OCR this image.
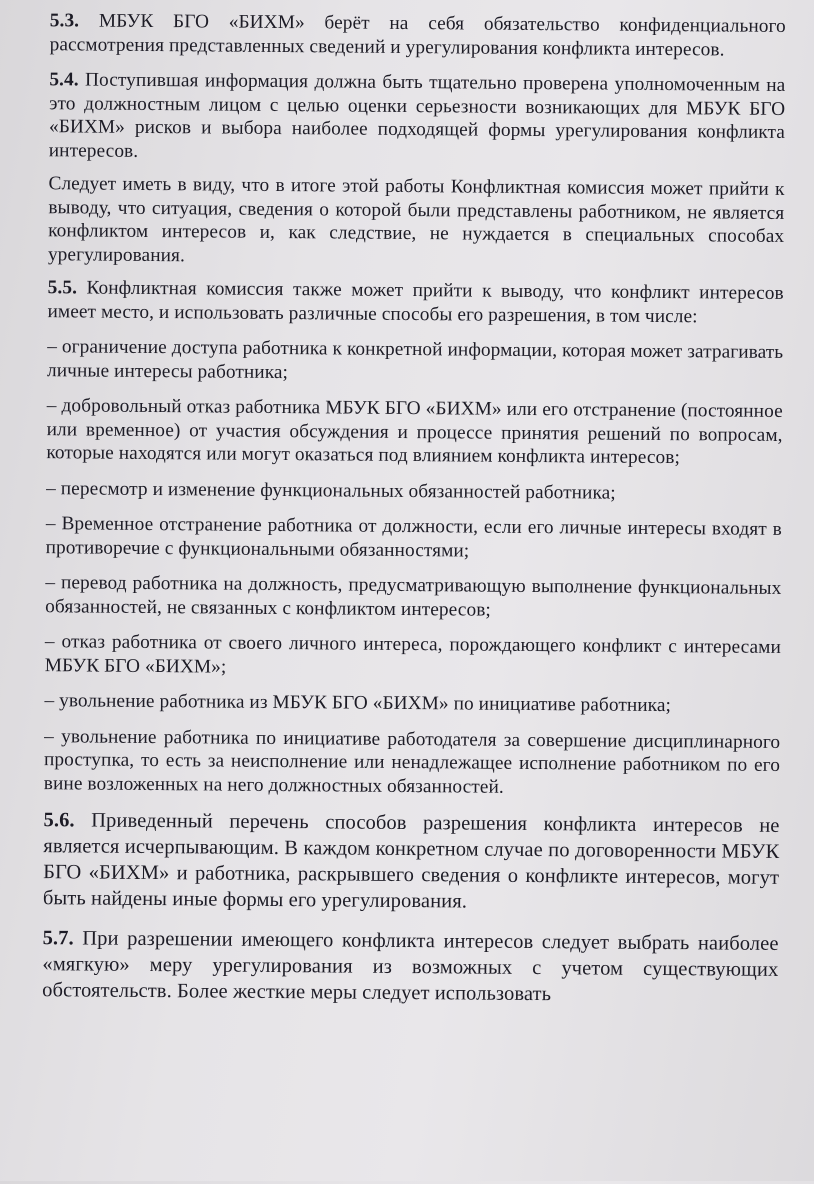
5.3. МБУК БГО «БИХМ» берёт на себя обязательство конфиденциального рассмотрения представленных сведений и урегулирования конфликта интересов.

5.4. Поступившая информация должна быть тщательно проверена уполномоченным на это должностным лицом с целью оценки серьезности возникающих для МБУК БГО «БИХМ» рисков и выбора наиболее подходящей формы урегулирования конфликта интересов.

Следует иметь в виду, что в итоге этой работы Конфликтная комиссия может прийти к выводу, что ситуация, сведения о которой были представлены работником, не является конфликтом интересов и, как следствие, не нуждается в специальных способах урегулирования.

5.5. Конфликтная комиссия также может прийти к выводу, что конфликт интересов имеет место, и использовать различные способы его разрешения, в том числе:

– ограничение доступа работника к конкретной информации, которая может затрагивать личные интересы работника;

– добровольный отказ работника МБУК БГО «БИХМ» или его отстранение (постоянное или временное) от участия обсуждения и процессе принятия решений по вопросам, которые находятся или могут оказаться под влиянием конфликта интересов;

– пересмотр и изменение функциональных обязанностей работника;

– Временное отстранение работника от должности, если его личные интересы входят в противоречие с функциональными обязанностями;

– перевод работника на должность, предусматривающую выполнение функциональных обязанностей, не связанных с конфликтом интересов;

– отказ работника от своего личного интереса, порождающего конфликт с интересами МБУК БГО «БИХМ»;

– увольнение работника из МБУК БГО «БИХМ» по инициативе работника;

– увольнение работника по инициативе работодателя за совершение дисциплинарного проступка, то есть за неисполнение или ненадлежащее исполнение работником по его вине возложенных на него должностных обязанностей.

5.6. Приведенный перечень способов разрешения конфликта интересов не является исчерпывающим. В каждом конкретном случае по договоренности МБУК БГО «БИХМ» и работника, раскрывшего сведения о конфликте интересов, могут быть найдены иные формы его урегулирования.

5.7. При разрешении имеющего конфликта интересов следует выбрать наиболее «мягкую» меру урегулирования из возможных с учетом существующих обстоятельств. Более жесткие меры следует использовать
